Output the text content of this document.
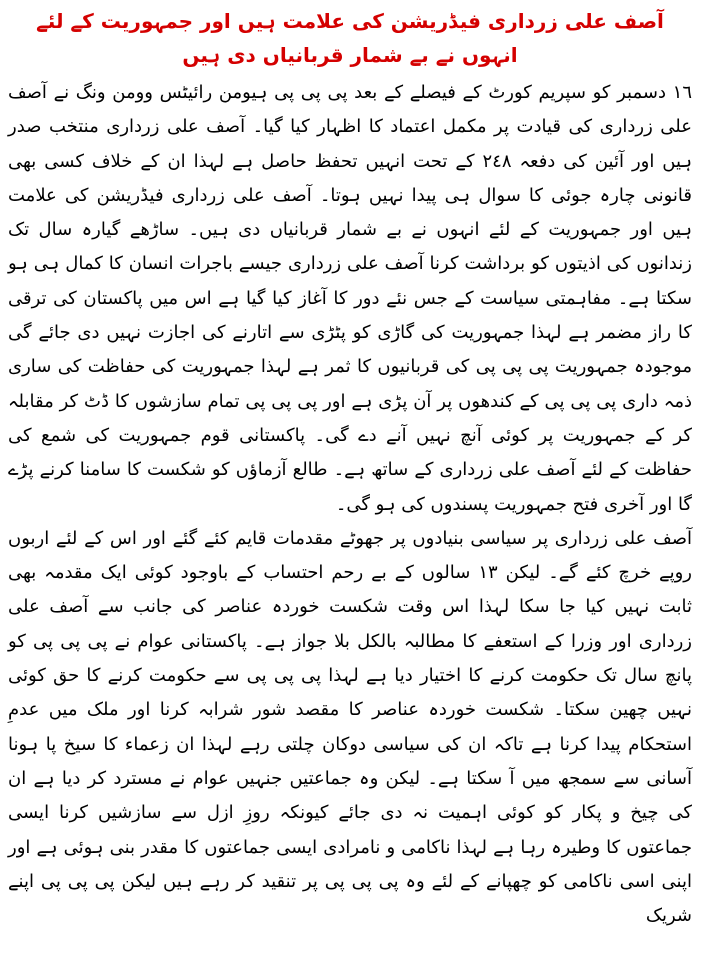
آصف علی زرداری فیڈریشن کی علامت ہیں اور جمہوریت کے لئے انہوں نے بے شمار قربانیاں دی ہیں

١٦ دسمبر کو سپریم کورٹ کے فیصلے کے بعد پی پی پی ہیومن رائیٹس وومن ونگ نے آصف علی زرداری کی قیادت پر مکمل اعتماد کا اظہار کیا گیا۔ آصف علی زرداری منتخب صدر ہیں اور آئین کی دفعہ ٢٤٨ کے تحت انہیں تحفظ حاصل ہے لہذا ان کے خلاف کسی بھی قانونی چارہ جوئی کا سوال ہی پیدا نہیں ہوتا۔ آصف علی زرداری فیڈریشن کی علامت ہیں اور جمہوریت کے لئے انہوں نے بے شمار قربانیاں دی ہیں۔ ساڑھے گیارہ سال تک زندانوں کی اذیتوں کو برداشت کرنا آصف علی زرداری جیسے باجرات انسان کا کمال ہی ہو سکتا ہے۔ مفاہمتی سیاست کے جس نئے دور کا آغاز کیا گیا ہے اس میں پاکستان کی ترقی کا راز مضمر ہے لہذا جمہوریت کی گاڑی کو پٹڑی سے اتارنے کی اجازت نہیں دی جائے گی موجودہ جمہوریت پی پی پی کی قربانیوں کا ثمر ہے لہذا جمہوریت کی حفاظت کی ساری ذمہ داری پی پی پی کے کندھوں پر آن پڑی ہے اور پی پی پی تمام سازشوں کا ڈٹ کر مقابلہ کر کے جمہوریت پر کوئی آنچ نہیں آنے دے گی۔ پاکستانی قوم جمہوریت کی شمع کی حفاظت کے لئے آصف علی زرداری کے ساتھ ہے۔ طالع آزماؤں کو شکست کا سامنا کرنے پڑے گا اور آخری فتح جمہوریت پسندوں کی ہو گی۔

آصف علی زرداری پر سیاسی بنیادوں پر جھوٹے مقدمات قایم کئے گئے اور اس کے لئے اربوں روپے خرچ کئے گے۔ لیکن ١٣ سالوں کے بے رحم احتساب کے باوجود کوئی ایک مقدمہ بھی ثابت نہیں کیا جا سکا لہذا اس وقت شکست خوردہ عناصر کی جانب سے آصف علی زرداری اور وزرا کے استعفے کا مطالبہ بالکل بلا جواز ہے۔ پاکستانی عوام نے پی پی پی کو پانچ سال تک حکومت کرنے کا اختیار دیا ہے لہذا پی پی پی سے حکومت کرنے کا حق کوئی نہیں چھین سکتا۔ شکست خوردہ عناصر کا مقصد شور شرابہ کرنا اور ملک میں عدمِ استحکام پیدا کرنا ہے تاکہ ان کی سیاسی دوکان چلتی رہے لہذا ان زعماء کا سیخ پا ہونا آسانی سے سمجھ میں آ سکتا ہے۔ لیکن وہ جماعتیں جنہیں عوام نے مسترد کر دیا ہے ان کی چیخ و پکار کو کوئی اہمیت نہ دی جائے کیونکہ روزِ ازل سے سازشیں کرنا ایسی جماعتوں کا وطیرہ رہا ہے لہذا ناکامی و نامرادی ایسی جماعتوں کا مقدر بنی ہوئی ہے اور اپنی اسی ناکامی کو چھپانے کے لئے وہ پی پی پی پر تنقید کر رہے ہیں لیکن پی پی پی اپنے شریک
